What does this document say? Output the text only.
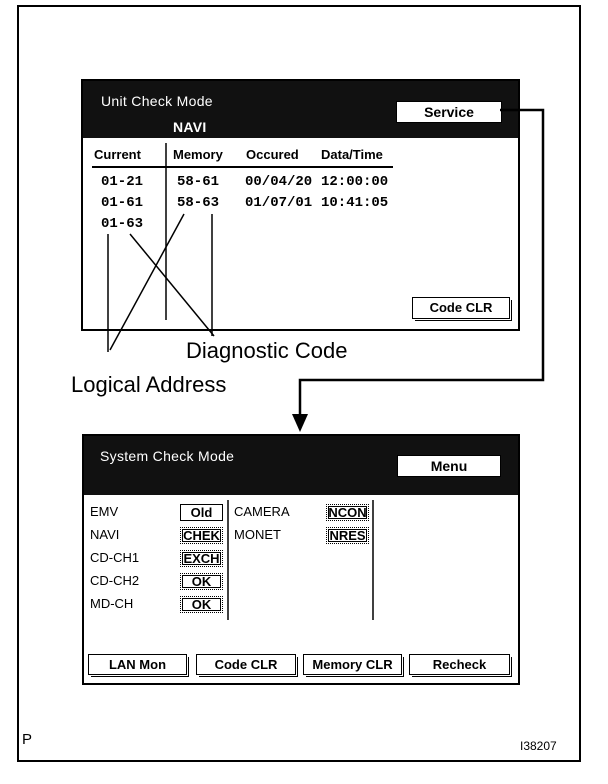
Unit Check Mode
NAVI
Service
Current Memory Occured Data/Time
01-21 58-61 00/04/20 12:00:00
01-61 58-63 01/07/01 10:41:05
01-63
Code CLR
Diagnostic Code
Logical Address
System Check Mode
Menu
EMV	Old
NAVI	CHEK
CD-CH1	EXCH
CD-CH2	OK
MD-CH	OK
CAMERA	NCON
MONET	NRES
LAN Mon	Code CLR	Memory CLR	Recheck
P	I38207
